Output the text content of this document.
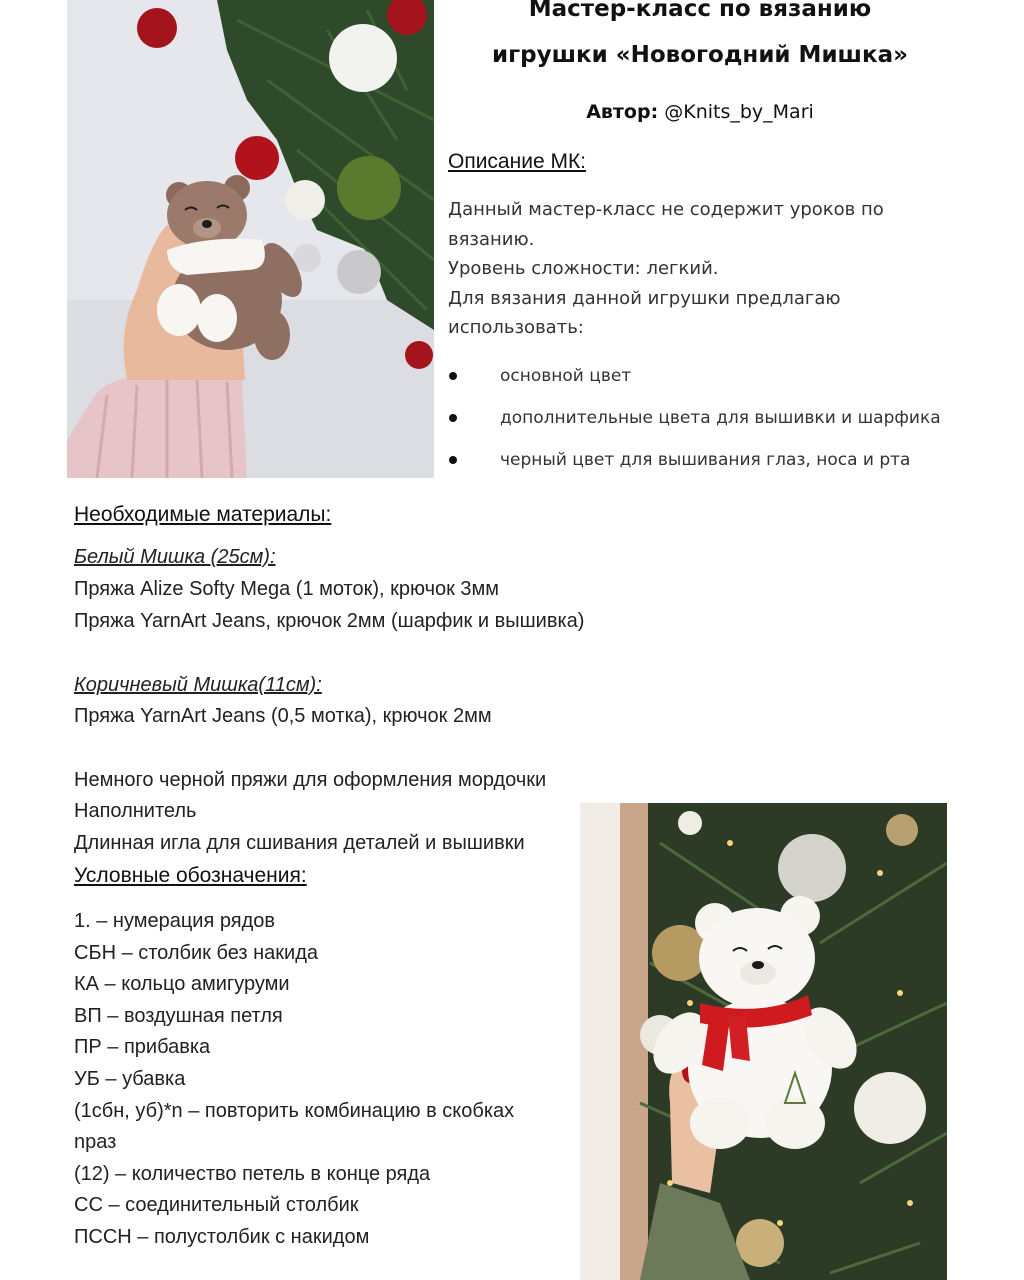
Мастер-класс по вязанию
игрушки «Новогодний Мишка»
Автор: @Knits_by_Mari
Описание МК:
Данный мастер-класс не содержит уроков по
вязанию.
Уровень сложности: легкий.
Для вязания данной игрушки предлагаю
использовать:
основной цвет
дополнительные цвета для вышивки и шарфика
черный цвет для вышивания глаз, носа и рта
Необходимые материалы:
Белый Мишка (25см):
Пряжа Alize Softy Mega (1 моток), крючок 3мм
Пряжа YarnArt Jeans, крючок 2мм (шарфик и вышивка)
Коричневый Мишка(11см):
Пряжа YarnArt Jeans (0,5 мотка), крючок 2мм
Немного черной пряжи для оформления мордочки
Наполнитель
Длинная игла для сшивания деталей и вышивки
Условные обозначения:
1. – нумерация рядов
СБН – столбик без накида
КА – кольцо амигуруми
ВП – воздушная петля
ПР – прибавка
УБ – убавка
(1сбн, уб)*n – повторить комбинацию в скобках
nраз
(12) – количество петель в конце ряда
СС – соединительный столбик
ПССН – полустолбик с накидом
